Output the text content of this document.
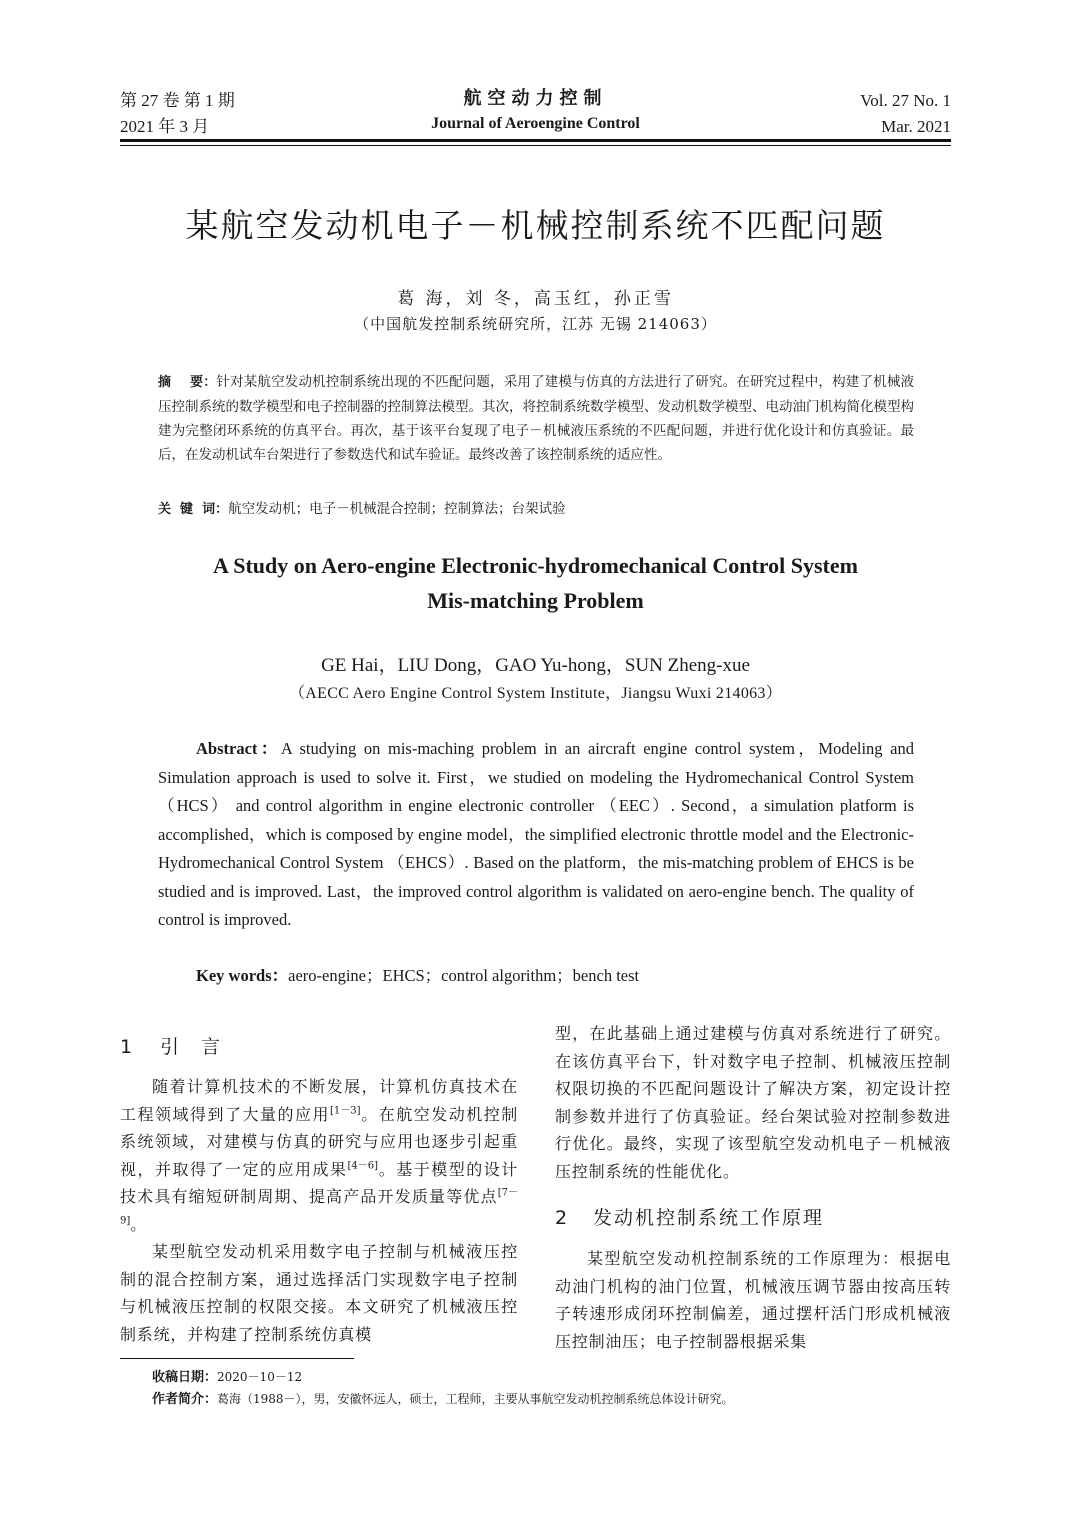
第 27 卷 第 1 期
2021 年 3 月
航空动力控制
Journal of Aeroengine Control
Vol. 27 No. 1
Mar. 2021
某航空发动机电子－机械控制系统不匹配问题
葛 海，刘 冬，高玉红，孙正雪
（中国航发控制系统研究所，江苏 无锡 214063）
摘    要：针对某航空发动机控制系统出现的不匹配问题，采用了建模与仿真的方法进行了研究。在研究过程中，构建了机械液压控制系统的数学模型和电子控制器的控制算法模型。其次，将控制系统数学模型、发动机数学模型、电动油门机构简化模型构建为完整闭环系统的仿真平台。再次，基于该平台复现了电子－机械液压系统的不匹配问题，并进行优化设计和仿真验证。最后，在发动机试车台架进行了参数迭代和试车验证。最终改善了该控制系统的适应性。
关  键  词：航空发动机；电子－机械混合控制；控制算法；台架试验
A Study on Aero-engine Electronic-hydromechanical Control System
Mis-matching Problem
GE Hai，LIU Dong，GAO Yu-hong，SUN Zheng-xue
（AECC Aero Engine Control System Institute，Jiangsu Wuxi 214063）
Abstract：A studying on mis-maching problem in an aircraft engine control system，Modeling and Simulation approach is used to solve it. First，we studied on modeling the Hydromechanical Control System（HCS） and control algorithm in engine electronic controller （EEC）. Second，a simulation platform is accomplished，which is composed by engine model，the simplified electronic throttle model and the Electronic-Hydromechanical Control System （EHCS）. Based on the platform，the mis-matching problem of EHCS is be studied and is improved. Last，the improved control algorithm is validated on aero-engine bench. The quality of control is improved.
Key words：aero-engine；EHCS；control algorithm；bench test
1 引言

随着计算机技术的不断发展，计算机仿真技术在工程领域得到了大量的应用[1－3]。在航空发动机控制系统领域，对建模与仿真的研究与应用也逐步引起重视，并取得了一定的应用成果[4－6]。基于模型的设计技术具有缩短研制周期、提高产品开发质量等优点[7－9]。

某型航空发动机采用数字电子控制与机械液压控制的混合控制方案，通过选择活门实现数字电子控制与机械液压控制的权限交接。本文研究了机械液压控制系统，并构建了控制系统仿真模

型，在此基础上通过建模与仿真对系统进行了研究。在该仿真平台下，针对数字电子控制、机械液压控制权限切换的不匹配问题设计了解决方案，初定设计控制参数并进行了仿真验证。经台架试验对控制参数进行优化。最终，实现了该型航空发动机电子－机械液压控制系统的性能优化。

2 发动机控制系统工作原理

某型航空发动机控制系统的工作原理为：根据电动油门机构的油门位置，机械液压调节器由按高压转子转速形成闭环控制偏差，通过摆杆活门形成机械液压控制油压；电子控制器根据采集

收稿日期：2020－10－12
作者简介：葛海（1988－），男，安徽怀远人，硕士，工程师，主要从事航空发动机控制系统总体设计研究。
